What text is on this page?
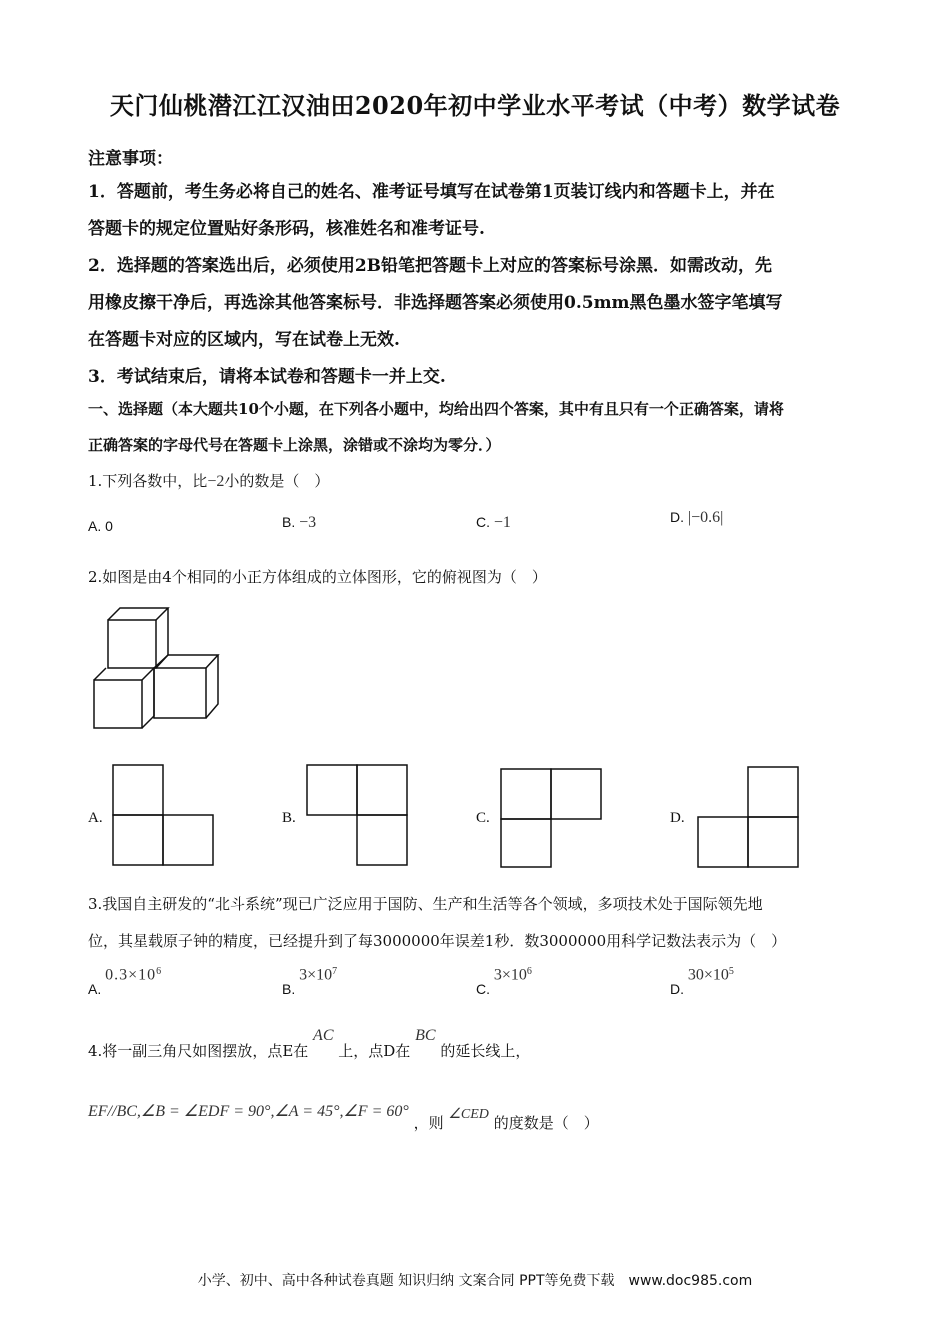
天门仙桃潜江江汉油田2020年初中学业水平考试（中考）数学试卷
注意事项：
1．答题前，考生务必将自己的姓名、准考证号填写在试卷第1页装订线内和答题卡上，并在
答题卡的规定位置贴好条形码，核准姓名和准考证号.
2．选择题的答案选出后，必须使用2B铅笔把答题卡上对应的答案标号涂黑．如需改动，先
用橡皮擦干净后，再选涂其他答案标号．非选择题答案必须使用0.5mm黑色墨水签字笔填写
在答题卡对应的区域内，写在试卷上无效.
3．考试结束后，请将本试卷和答题卡一并上交.
一、选择题（本大题共10个小题，在下列各小题中，均给出四个答案，其中有且只有一个正确答案，请将
正确答案的字母代号在答题卡上涂黑，涂错或不涂均为零分．）
1.下列各数中，比−2小的数是（　）
A. 0	B. −3	C. −1	D. |−0.6|
2.如图是由4个相同的小正方体组成的立体图形，它的俯视图为（　）
A.	B.	C.	D.
3.我国自主研发的“北斗系统”现已广泛应用于国防、生产和生活等各个领域，多项技术处于国际领先地
位，其星载原子钟的精度，已经提升到了每3000000年误差1秒．数3000000用科学记数法表示为（　）
A. $0.3\times 10^6$
B. $3\times 10^7$
C. $3\times 10^6$
D. $30\times 10^5$
4.将一副三角尺如图摆放，点E在 AC 上，点D在 BC 的延长线上，
EF//BC,∠B = ∠EDF = 90°,∠A = 45°,∠F = 60° ，则 ∠CED 的度数是（　）
小学、初中、高中各种试卷真题 知识归纳 文案合同 PPT等免费下载　www.doc985.com
